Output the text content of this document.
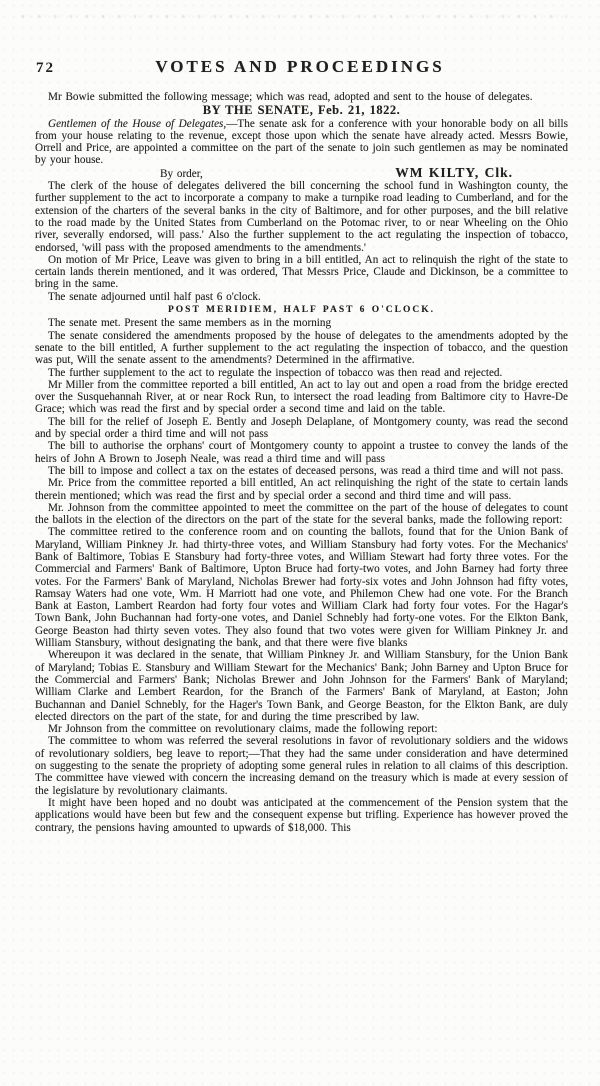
72	VOTES AND PROCEEDINGS

Mr Bowie submitted the following message; which was read, adopted and sent to the house of delegates.

BY THE SENATE, Feb. 21, 1822.

Gentlemen of the House of Delegates,—The senate ask for a conference with your honorable body on all bills from your house relating to the revenue, except those upon which the senate have already acted. Messrs Bowie, Orrell and Price, are appointed a committee on the part of the senate to join such gentlemen as may be nominated by your house.

By order,	WM KILTY, Clk.

The clerk of the house of delegates delivered the bill concerning the school fund in Washington county, the further supplement to the act to incorporate a company to make a turnpike road leading to Cumberland, and for the extension of the charters of the several banks in the city of Baltimore, and for other purposes, and the bill relative to the road made by the United States from Cumberland on the Potomac river, to or near Wheeling on the Ohio river, severally endorsed, will pass.' Also the further supplement to the act regulating the inspection of tobacco, endorsed, 'will pass with the proposed amendments to the amendments.'

On motion of Mr Price, Leave was given to bring in a bill entitled, An act to relinquish the right of the state to certain lands therein mentioned, and it was ordered, That Messrs Price, Claude and Dickinson, be a committee to bring in the same.

The senate adjourned until half past 6 o'clock.

POST MERIDIEM, HALF PAST 6 O'CLOCK.

The senate met. Present the same members as in the morning

The senate considered the amendments proposed by the house of delegates to the amendments adopted by the senate to the bill entitled, A further supplement to the act regulating the inspection of tobacco, and the question was put, Will the senate assent to the amendments? Determined in the affirmative.

The further supplement to the act to regulate the inspection of tobacco was then read and rejected.

Mr Miller from the committee reported a bill entitled, An act to lay out and open a road from the bridge erected over the Susquehannah River, at or near Rock Run, to intersect the road leading from Baltimore city to Havre-De Grace; which was read the first and by special order a second time and laid on the table.

The bill for the relief of Joseph E. Bently and Joseph Delaplane, of Montgomery county, was read the second and by special order a third time and will not pass

The bill to authorise the orphans' court of Montgomery county to appoint a trustee to convey the lands of the heirs of John A Brown to Joseph Neale, was read a third time and will pass

The bill to impose and collect a tax on the estates of deceased persons, was read a third time and will not pass.

Mr. Price from the committee reported a bill entitled, An act relinquishing the right of the state to certain lands therein mentioned; which was read the first and by special order a second and third time and will pass.

Mr. Johnson from the committee appointed to meet the committee on the part of the house of delegates to count the ballots in the election of the directors on the part of the state for the several banks, made the following report:

The committee retired to the conference room and on counting the ballots, found that for the Union Bank of Maryland, William Pinkney Jr. had thirty-three votes, and William Stansbury had forty votes. For the Mechanics' Bank of Baltimore, Tobias E Stansbury had forty-three votes, and William Stewart had forty three votes. For the Commercial and Farmers' Bank of Baltimore, Upton Bruce had forty-two votes, and John Barney had forty three votes. For the Farmers' Bank of Maryland, Nicholas Brewer had forty-six votes and John Johnson had fifty votes, Ramsay Waters had one vote, Wm. H Marriott had one vote, and Philemon Chew had one vote. For the Branch Bank at Easton, Lambert Reardon had forty four votes and William Clark had forty four votes. For the Hagar's Town Bank, John Buchannan had forty-one votes, and Daniel Schnebly had forty-one votes. For the Elkton Bank, George Beaston had thirty seven votes. They also found that two votes were given for William Pinkney Jr. and William Stansbury, without designating the bank, and that there were five blanks

Whereupon it was declared in the senate, that William Pinkney Jr. and William Stansbury, for the Union Bank of Maryland; Tobias E. Stansbury and William Stewart for the Mechanics' Bank; John Barney and Upton Bruce for the Commercial and Farmers' Bank; Nicholas Brewer and John Johnson for the Farmers' Bank of Maryland; William Clarke and Lembert Reardon, for the Branch of the Farmers' Bank of Maryland, at Easton; John Buchannan and Daniel Schnebly, for the Hager's Town Bank, and George Beaston, for the Elkton Bank, are duly elected directors on the part of the state, for and during the time prescribed by law.

Mr Johnson from the committee on revolutionary claims, made the following report:

The committee to whom was referred the several resolutions in favor of revolutionary soldiers and the widows of revolutionary soldiers, beg leave to report;—That they had the same under consideration and have determined on suggesting to the senate the propriety of adopting some general rules in relation to all claims of this description. The committee have viewed with concern the increasing demand on the treasury which is made at every session of the legislature by revolutionary claimants.

It might have been hoped and no doubt was anticipated at the commencement of the Pension system that the applications would have been but few and the consequent expense but trifling. Experience has however proved the contrary, the pensions having amounted to upwards of $18,000. This
